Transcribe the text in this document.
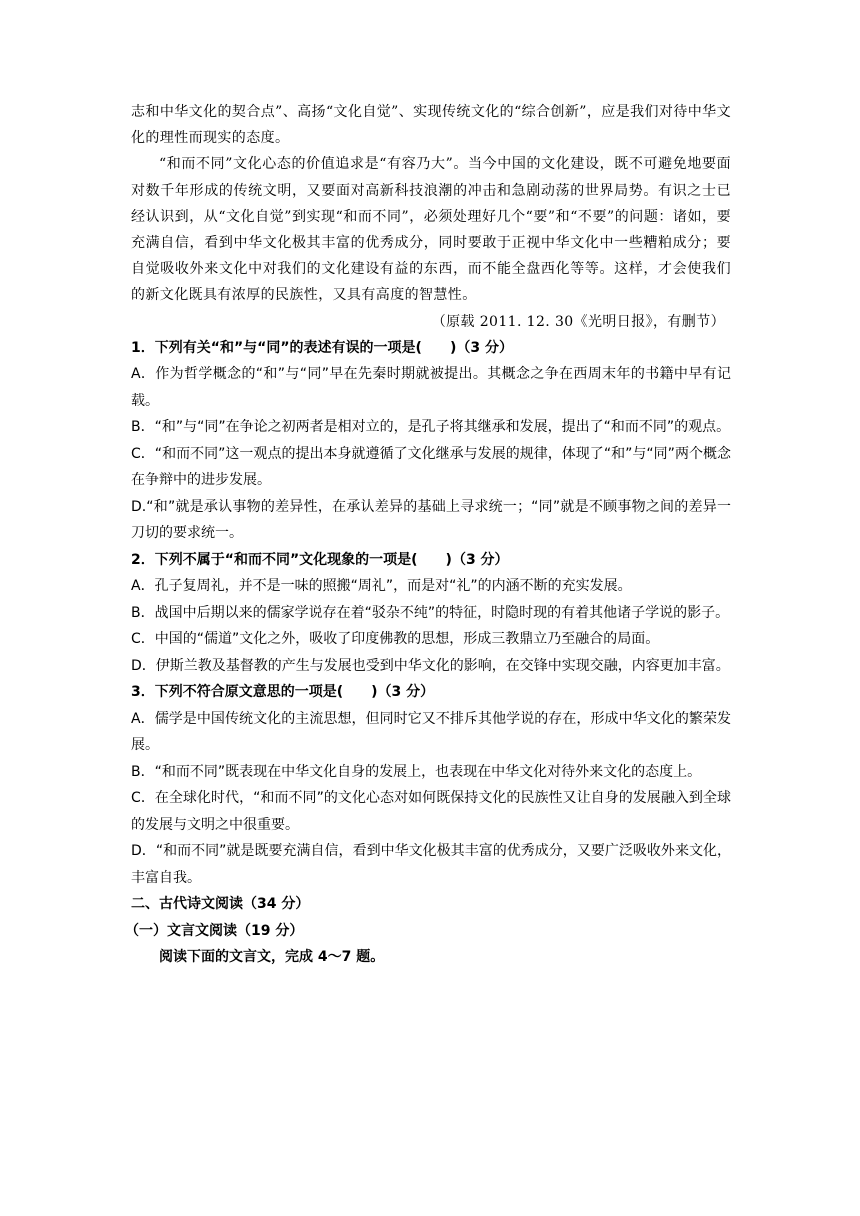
志和中华文化的契合点”、高扬“文化自觉”、实现传统文化的“综合创新”，应是我们对待中华文化的理性而现实的态度。

“和而不同”文化心态的价值追求是“有容乃大”。当今中国的文化建设，既不可避免地要面对数千年形成的传统文明，又要面对高新科技浪潮的冲击和急剧动荡的世界局势。有识之士已经认识到，从“文化自觉”到实现“和而不同”，必须处理好几个“要”和“不要”的问题：诸如，要充满自信，看到中华文化极其丰富的优秀成分，同时要敢于正视中华文化中一些糟粕成分；要自觉吸收外来文化中对我们的文化建设有益的东西，而不能全盘西化等等。这样，才会使我们的新文化既具有浓厚的民族性，又具有高度的智慧性。

（原载 2011. 12. 30《光明日报》，有删节）

1．下列有关“和”与“同”的表述有误的一项是(　　)（3 分）

A．作为哲学概念的“和”与“同”早在先秦时期就被提出。其概念之争在西周末年的书籍中早有记载。

B．“和”与“同”在争论之初两者是相对立的，是孔子将其继承和发展，提出了“和而不同”的观点。

C．“和而不同”这一观点的提出本身就遵循了文化继承与发展的规律，体现了“和”与“同”两个概念在争辩中的进步发展。

D.“和”就是承认事物的差异性，在承认差异的基础上寻求统一；“同”就是不顾事物之间的差异一刀切的要求统一。

2．下列不属于“和而不同”文化现象的一项是(　　)（3 分）

A．孔子复周礼，并不是一味的照搬“周礼”，而是对“礼”的内涵不断的充实发展。

B．战国中后期以来的儒家学说存在着“驳杂不纯”的特征，时隐时现的有着其他诸子学说的影子。

C．中国的“儒道”文化之外，吸收了印度佛教的思想，形成三教鼎立乃至融合的局面。

D．伊斯兰教及基督教的产生与发展也受到中华文化的影响，在交锋中实现交融，内容更加丰富。

3．下列不符合原文意思的一项是(　　)（3 分）

A．儒学是中国传统文化的主流思想，但同时它又不排斥其他学说的存在，形成中华文化的繁荣发展。

B．“和而不同”既表现在中华文化自身的发展上，也表现在中华文化对待外来文化的态度上。

C．在全球化时代，“和而不同”的文化心态对如何既保持文化的民族性又让自身的发展融入到全球的发展与文明之中很重要。

D．“和而不同”就是既要充满自信，看到中华文化极其丰富的优秀成分，又要广泛吸收外来文化，丰富自我。

二、古代诗文阅读（34 分）

（一）文言文阅读（19 分）

阅读下面的文言文，完成 4～7 题。
